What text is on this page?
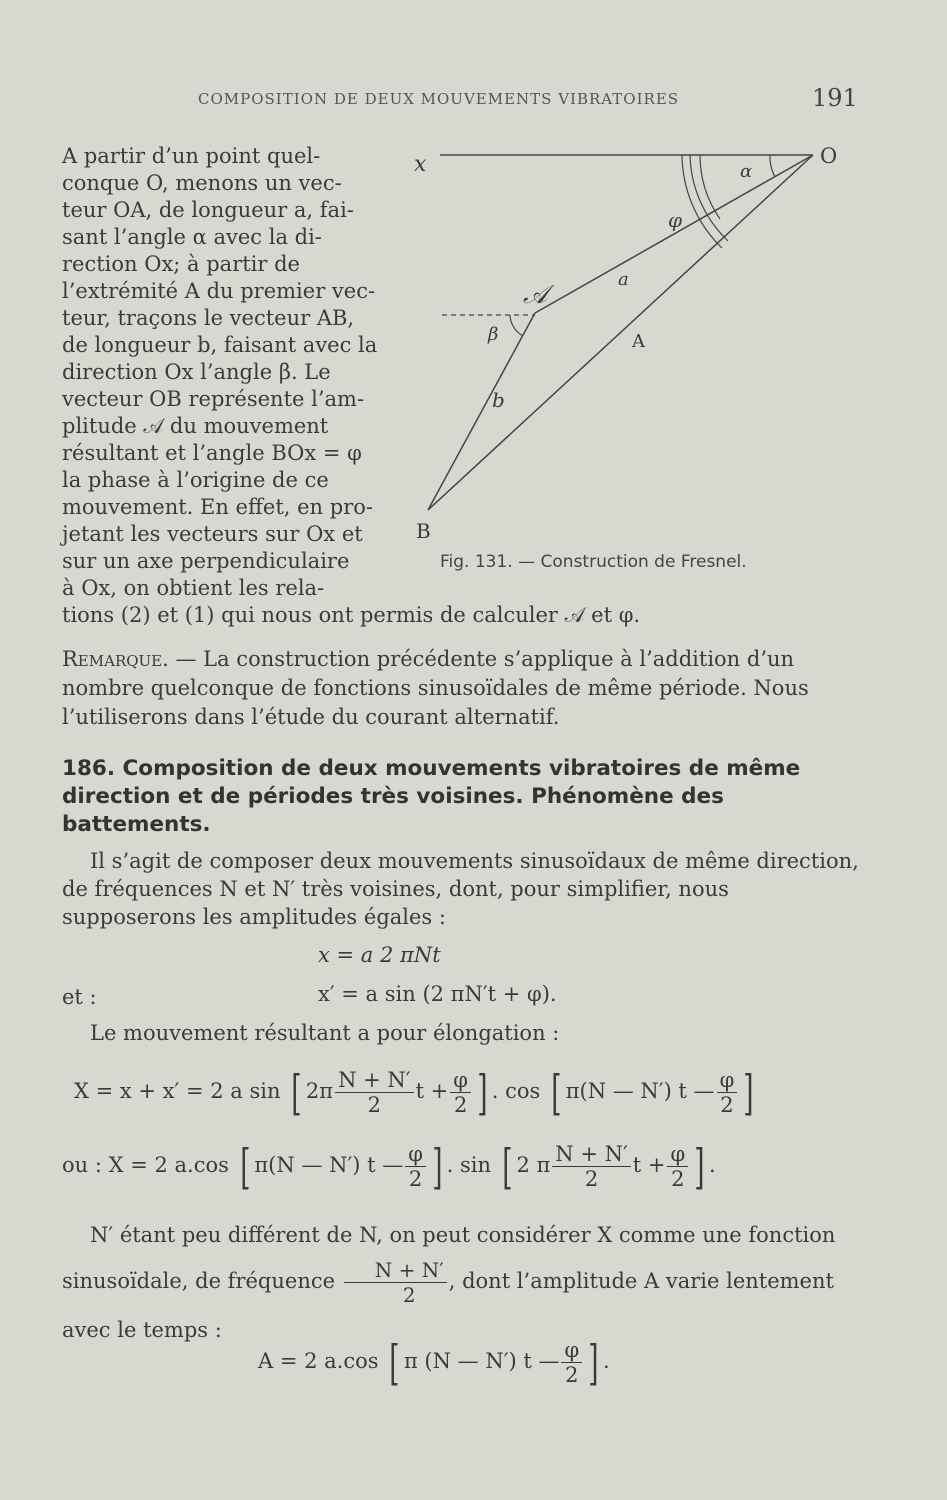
COMPOSITION DE DEUX MOUVEMENTS VIBRATOIRES	191
A partir d’un point quel-
conque O, menons un vec-
teur OA, de longueur a, fai-
sant l’angle α avec la di-
rection Ox; à partir de
l’extrémité A du premier vec-
teur, traçons le vecteur AB,
de longueur b, faisant avec la
direction Ox l’angle β. Le
vecteur OB représente l’am-
plitude 𝒜 du mouvement
résultant et l’angle BOx = φ
la phase à l’origine de ce
mouvement. En effet, en pro-
jetant les vecteurs sur Ox et
sur un axe perpendiculaire
à Ox, on obtient les rela-
tions (2) et (1) qui nous ont permis de calculer 𝒜 et φ.
x	O
α
φ
a
𝒜
A
β
b
B
Fig. 131. — Construction de Fresnel.
Remarque. — La construction précédente s’applique à l’addition d’un nombre quelconque de fonctions sinusoïdales de même période. Nous l’utiliserons dans l’étude du courant alternatif.
186. Composition de deux mouvements vibratoires de même direction et de périodes très voisines. Phénomène des battements.
Il s’agit de composer deux mouvements sinusoïdaux de même direction, de fréquences N et N′ très voisines, dont, pour simplifier, nous supposerons les amplitudes égales :
x = a 2 πNt
et :	x′ = a sin (2 πN′t + φ).
Le mouvement résultant a pour élongation :
X = x + x′ = 2 a sin [ $2\pi \frac{N + N'}{2}$ $t + \frac{\varphi}{2}$ ] . cos [ π(N — N′) t — $\frac{\varphi}{2}$ ]
ou : X = 2 a.cos [ π(N — N′) t — $\frac{\varphi}{2}$ ] . sin [ 2 π $\frac{N + N'}{2}$ $t + \frac{\varphi}{2}$ ] .
N′ étant peu différent de N, on peut considérer X comme une fonction sinusoïdale, de fréquence $\frac{N + N'}{2}$ , dont l’amplitude A varie lentement avec le temps :
A = 2 a.cos [ π (N — N′) t — $\frac{\varphi}{2}$ ] .
